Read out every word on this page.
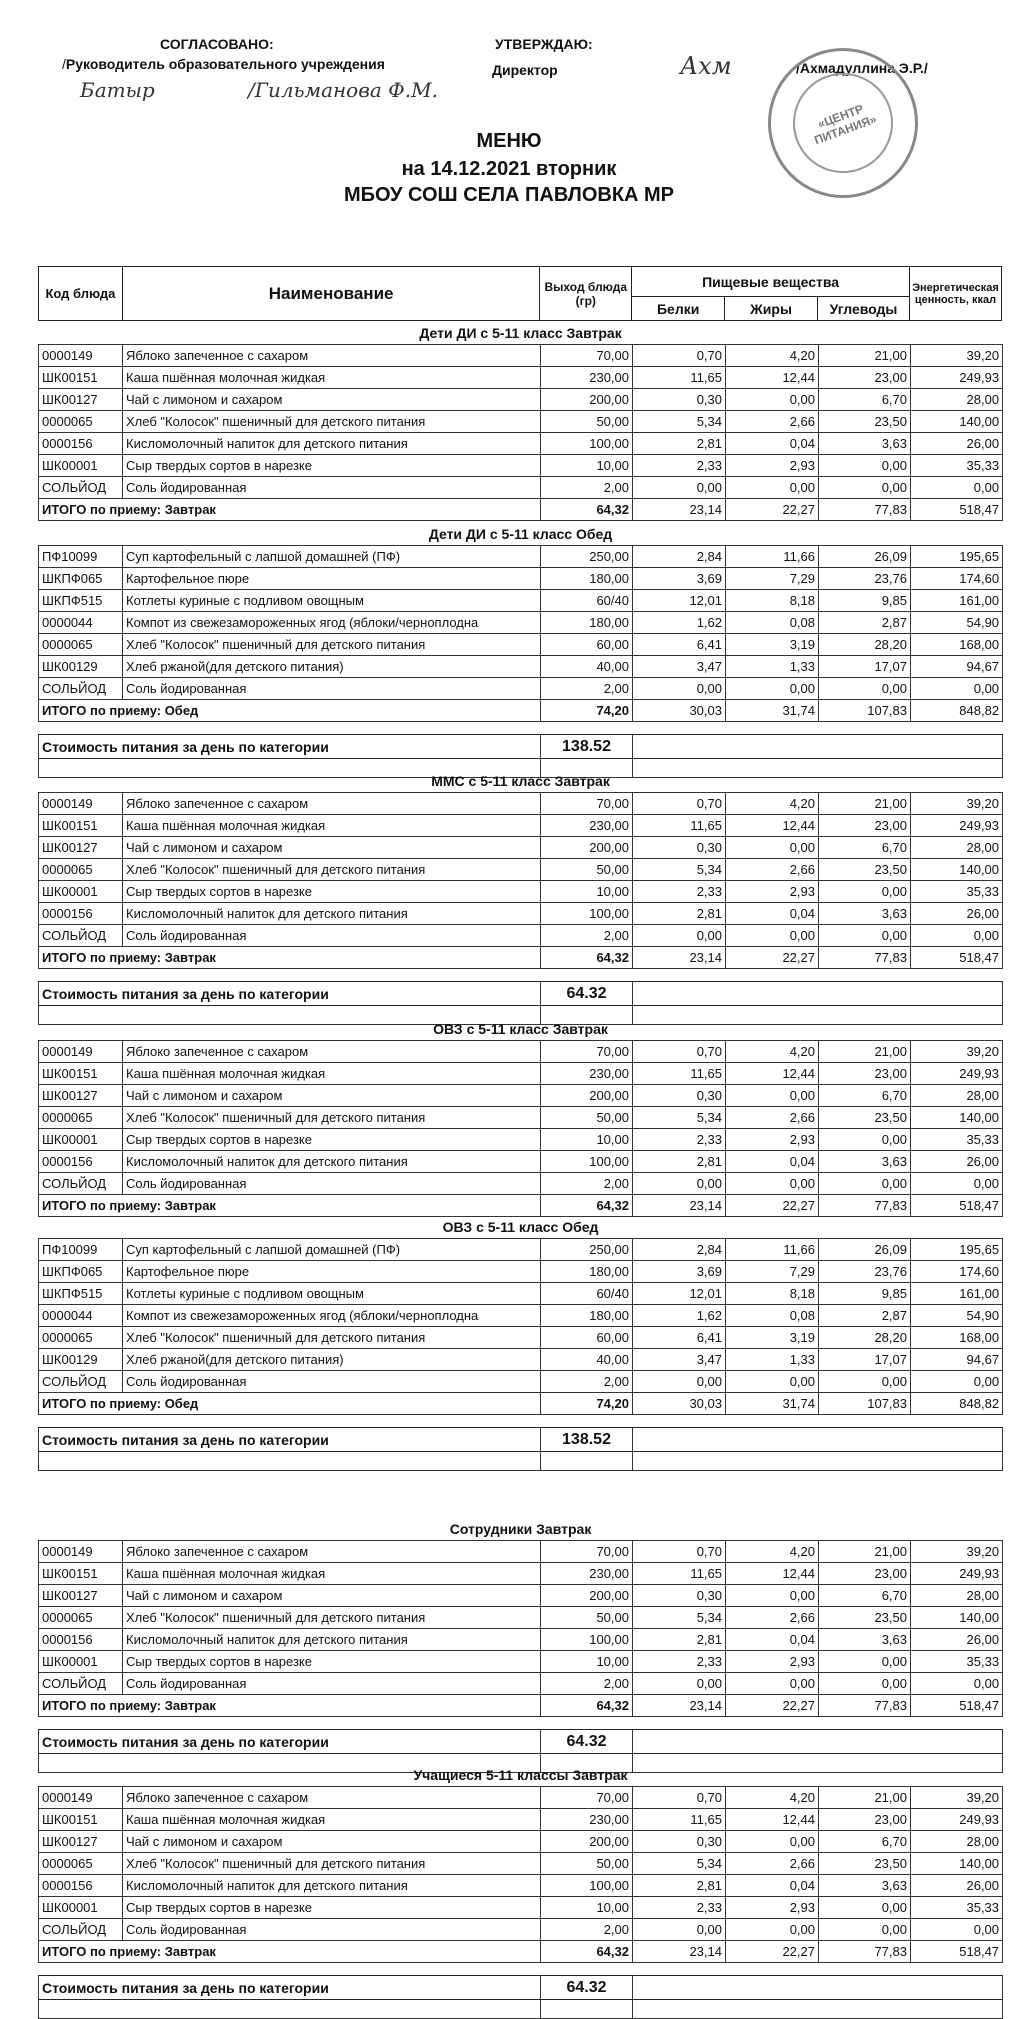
СОГЛАСОВАНО:
/Руководитель образовательного учреждения
Батыр	/Гильманова Ф.М.
УТВЕРЖДАЮ:
Директор	Ахм	/Ахмадуллина Э.Р./
«ЦЕНТР ПИТАНИЯ»
МЕНЮ
на 14.12.2021 вторник
МБОУ СОШ СЕЛА ПАВЛОВКА МР
Код блюда	Наименование	Выход блюда (гр)	Пищевые вещества			Энергетическая ценность, ккал
			Белки	Жиры	Углеводы	
Дети ДИ с 5-11 класс Завтрак						
0000149	Яблоко запеченное с сахаром	70,00	0,70	4,20	21,00	39,20
ШК00151	Каша пшённая молочная жидкая	230,00	11,65	12,44	23,00	249,93
ШК00127	Чай с лимоном и сахаром	200,00	0,30	0,00	6,70	28,00
0000065	Хлеб "Колосок" пшеничный для детского питания	50,00	5,34	2,66	23,50	140,00
0000156	Кисломолочный напиток для детского питания	100,00	2,81	0,04	3,63	26,00
ШК00001	Сыр твердых сортов в нарезке	10,00	2,33	2,93	0,00	35,33
СОЛЬЙОД	Соль йодированная	2,00	0,00	0,00	0,00	0,00
ИТОГО по приему: Завтрак		64,32	23,14	22,27	77,83	518,47
Дети ДИ с 5-11 класс Обед						
ПФ10099	Суп картофельный с лапшой домашней (ПФ)	250,00	2,84	11,66	26,09	195,65
ШКПФ065	Картофельное пюре	180,00	3,69	7,29	23,76	174,60
ШКПФ515	Котлеты куриные с подливом овощным	60/40	12,01	8,18	9,85	161,00
0000044	Компот из свежезамороженных ягод (яблоки/черноплодна	180,00	1,62	0,08	2,87	54,90
0000065	Хлеб "Колосок" пшеничный для детского питания	60,00	6,41	3,19	28,20	168,00
ШК00129	Хлеб ржаной(для детского питания)	40,00	3,47	1,33	17,07	94,67
СОЛЬЙОД	Соль йодированная	2,00	0,00	0,00	0,00	0,00
ИТОГО по приему: Обед		74,20	30,03	31,74	107,83	848,82

Стоимость питания за день по категории		138.52				

ММС с 5-11 класс Завтрак						
0000149	Яблоко запеченное с сахаром	70,00	0,70	4,20	21,00	39,20
ШК00151	Каша пшённая молочная жидкая	230,00	11,65	12,44	23,00	249,93
ШК00127	Чай с лимоном и сахаром	200,00	0,30	0,00	6,70	28,00
0000065	Хлеб "Колосок" пшеничный для детского питания	50,00	5,34	2,66	23,50	140,00
ШК00001	Сыр твердых сортов в нарезке	10,00	2,33	2,93	0,00	35,33
0000156	Кисломолочный напиток для детского питания	100,00	2,81	0,04	3,63	26,00
СОЛЬЙОД	Соль йодированная	2,00	0,00	0,00	0,00	0,00
ИТОГО по приему: Завтрак		64,32	23,14	22,27	77,83	518,47

Стоимость питания за день по категории		64.32				

ОВЗ с 5-11 класс Завтрак						
0000149	Яблоко запеченное с сахаром	70,00	0,70	4,20	21,00	39,20
ШК00151	Каша пшённая молочная жидкая	230,00	11,65	12,44	23,00	249,93
ШК00127	Чай с лимоном и сахаром	200,00	0,30	0,00	6,70	28,00
0000065	Хлеб "Колосок" пшеничный для детского питания	50,00	5,34	2,66	23,50	140,00
ШК00001	Сыр твердых сортов в нарезке	10,00	2,33	2,93	0,00	35,33
0000156	Кисломолочный напиток для детского питания	100,00	2,81	0,04	3,63	26,00
СОЛЬЙОД	Соль йодированная	2,00	0,00	0,00	0,00	0,00
ИТОГО по приему: Завтрак		64,32	23,14	22,27	77,83	518,47
ОВЗ с 5-11 класс Обед						
ПФ10099	Суп картофельный с лапшой домашней (ПФ)	250,00	2,84	11,66	26,09	195,65
ШКПФ065	Картофельное пюре	180,00	3,69	7,29	23,76	174,60
ШКПФ515	Котлеты куриные с подливом овощным	60/40	12,01	8,18	9,85	161,00
0000044	Компот из свежезамороженных ягод (яблоки/черноплодна	180,00	1,62	0,08	2,87	54,90
0000065	Хлеб "Колосок" пшеничный для детского питания	60,00	6,41	3,19	28,20	168,00
ШК00129	Хлеб ржаной(для детского питания)	40,00	3,47	1,33	17,07	94,67
СОЛЬЙОД	Соль йодированная	2,00	0,00	0,00	0,00	0,00
ИТОГО по приему: Обед		74,20	30,03	31,74	107,83	848,82

Стоимость питания за день по категории		138.52				

Сотрудники Завтрак						
0000149	Яблоко запеченное с сахаром	70,00	0,70	4,20	21,00	39,20
ШК00151	Каша пшённая молочная жидкая	230,00	11,65	12,44	23,00	249,93
ШК00127	Чай с лимоном и сахаром	200,00	0,30	0,00	6,70	28,00
0000065	Хлеб "Колосок" пшеничный для детского питания	50,00	5,34	2,66	23,50	140,00
0000156	Кисломолочный напиток для детского питания	100,00	2,81	0,04	3,63	26,00
ШК00001	Сыр твердых сортов в нарезке	10,00	2,33	2,93	0,00	35,33
СОЛЬЙОД	Соль йодированная	2,00	0,00	0,00	0,00	0,00
ИТОГО по приему: Завтрак		64,32	23,14	22,27	77,83	518,47

Стоимость питания за день по категории		64.32				

Учащиеся 5-11 классы Завтрак						
0000149	Яблоко запеченное с сахаром	70,00	0,70	4,20	21,00	39,20
ШК00151	Каша пшённая молочная жидкая	230,00	11,65	12,44	23,00	249,93
ШК00127	Чай с лимоном и сахаром	200,00	0,30	0,00	6,70	28,00
0000065	Хлеб "Колосок" пшеничный для детского питания	50,00	5,34	2,66	23,50	140,00
0000156	Кисломолочный напиток для детского питания	100,00	2,81	0,04	3,63	26,00
ШК00001	Сыр твердых сортов в нарезке	10,00	2,33	2,93	0,00	35,33
СОЛЬЙОД	Соль йодированная	2,00	0,00	0,00	0,00	0,00
ИТОГО по приему: Завтрак		64,32	23,14	22,27	77,83	518,47

Стоимость питания за день по категории		64.32				
